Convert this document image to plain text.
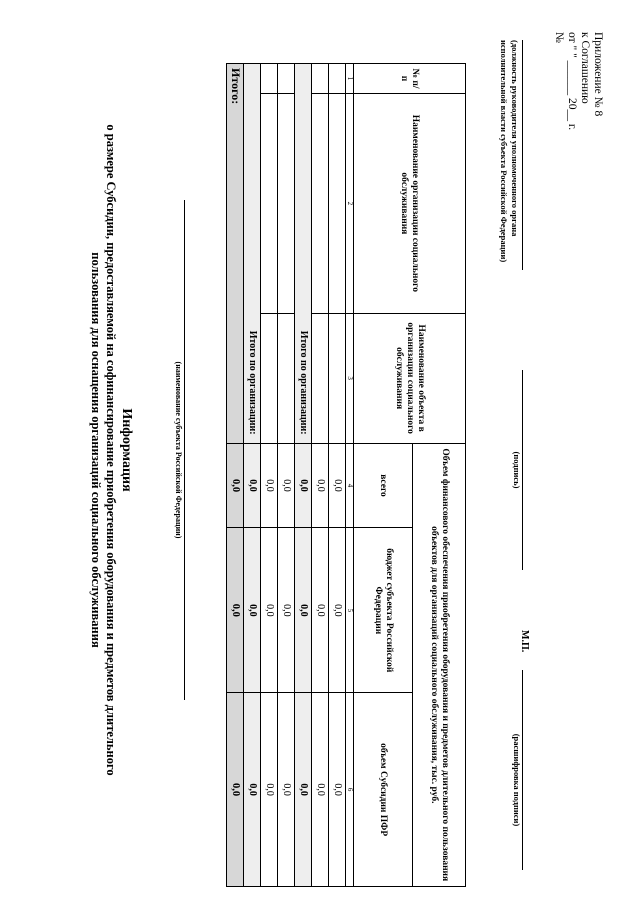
Приложение № 8
к Соглашению
от " " ______ 20__ г.
№
Информация
о размере Субсидии, предоставляемой на софинансирование приобретения оборудования и предметов длительного
пользования для оснащения организаций социального обслуживания	(наименование субъекта Российской Федерации)
№ п/п	Наименование организации социального обслуживания	Наименование объекта в организации социального обслуживания	Объем финансового обеспечения приобретения оборудования и предметов длительного пользования объектов для организаций социального обслуживания, тыс. руб.		
			всего	бюджет субъекта Российской Федерации	объем Субсидии ПФР
1	2	3	4	5	6
			0,0	0,0	0,0
			0,0	0,0	0,0
Итого по организации:			0,0	0,0	0,0
			0,0	0,0	0,0
			0,0	0,0	0,0
Итого по организации:			0,0	0,0	0,0
Итого:			0,0	0,0	0,0
(должность руководителя уполномоченного органа исполнительной власти субъекта Российской Федерации)
(подпись)
М.П.
(расшифровка подписи)
